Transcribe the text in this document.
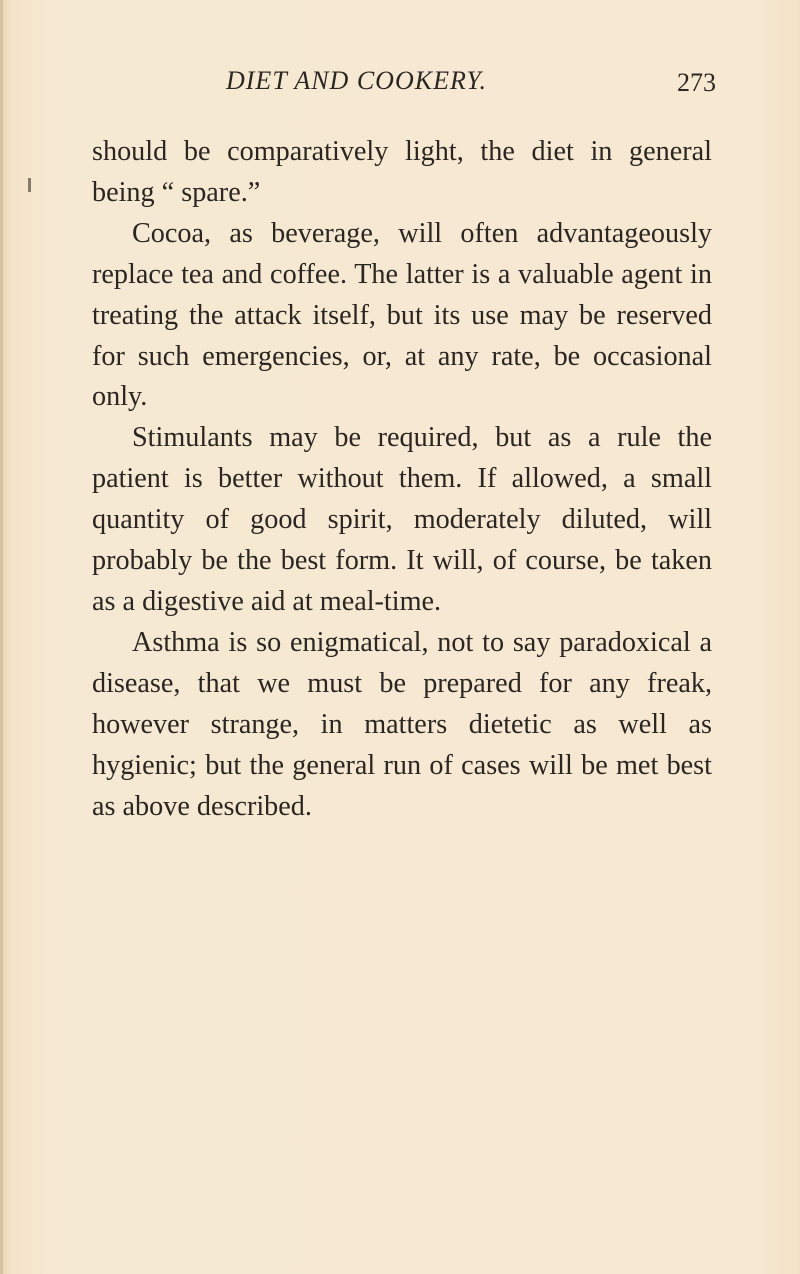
DIET AND COOKERY.	273

should be comparatively light, the diet in general being “ spare.”

Cocoa, as beverage, will often advantageously replace tea and coffee. The latter is a valuable agent in treating the attack itself, but its use may be reserved for such emergencies, or, at any rate, be occasional only.

Stimulants may be required, but as a rule the patient is better without them. If allowed, a small quantity of good spirit, moderately diluted, will probably be the best form. It will, of course, be taken as a digestive aid at meal-time.

Asthma is so enigmatical, not to say paradoxical a disease, that we must be prepared for any freak, however strange, in matters dietetic as well as hygienic; but the general run of cases will be met best as above described.
